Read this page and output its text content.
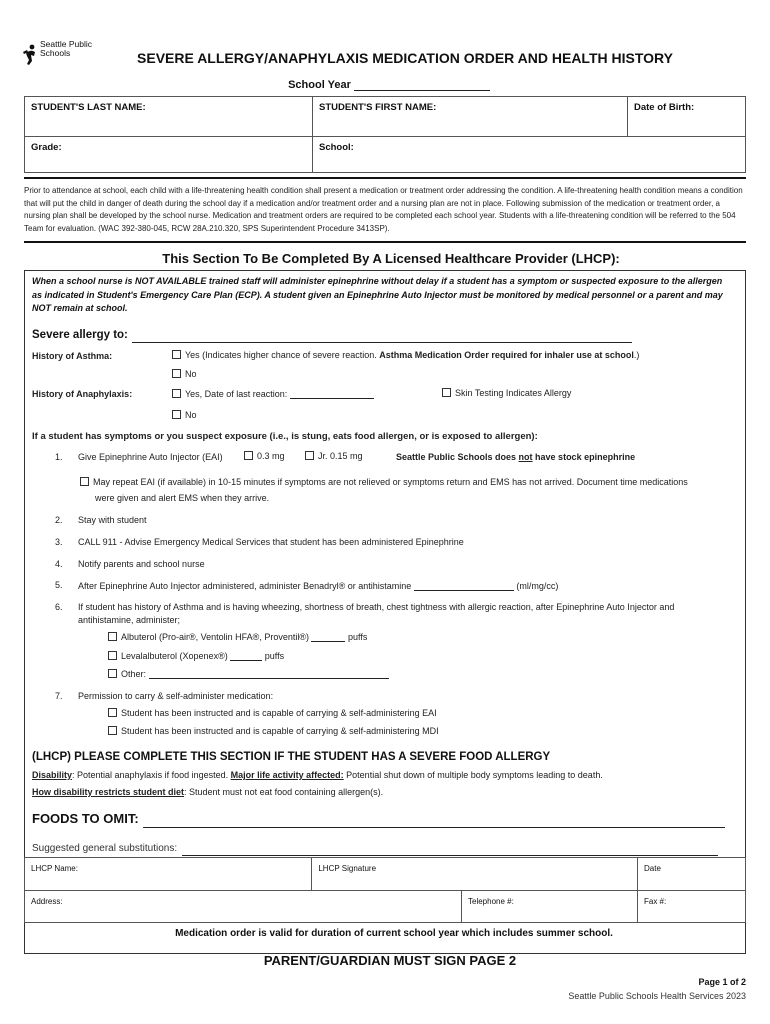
Seattle Public Schools	SEVERE ALLERGY/ANAPHYLAXIS MEDICATION ORDER AND HEALTH HISTORY
School Year
STUDENT'S LAST NAME:	STUDENT'S FIRST NAME:	Date of Birth:
Grade:	School:	
Prior to attendance at school, each child with a life-threatening health condition shall present a medication or treatment order addressing the condition. A life-threatening health condition means a condition that will put the child in danger of death during the school day if a medication and/or treatment order and a nursing plan are not in place. Following submission of the medication or treatment order, a nursing plan shall be developed by the school nurse. Medication and treatment orders are required to be completed each school year. Students with a life-threatening condition will be referred to the 504 Team for evaluation. (WAC 392-380-045, RCW 28A.210.320, SPS Superintendent Procedure 3413SP).
This Section To Be Completed By A Licensed Healthcare Provider (LHCP):
When a school nurse is NOT AVAILABLE trained staff will administer epinephrine without delay if a student has a symptom or suspected exposure to the allergen as indicated in Student's Emergency Care Plan (ECP). A student given an Epinephrine Auto Injector must be monitored by medical personnel or a parent and may NOT remain at school.
Severe allergy to:
History of Asthma:	Yes (Indicates higher chance of severe reaction. Asthma Medication Order required for inhaler use at school.)
No
History of Anaphylaxis:	Yes, Date of last reaction:	Skin Testing Indicates Allergy
No
If a student has symptoms or you suspect exposure (i.e., is stung, eats food allergen, or is exposed to allergen):
1. Give Epinephrine Auto Injector (EAI)	0.3 mg	Jr. 0.15 mg	Seattle Public Schools does not have stock epinephrine
May repeat EAI (if available) in 10-15 minutes if symptoms are not relieved or symptoms return and EMS has not arrived. Document time medications
were given and alert EMS when they arrive.
2. Stay with student
3. CALL 911 - Advise Emergency Medical Services that student has been administered Epinephrine
4. Notify parents and school nurse
5. After Epinephrine Auto Injector administered, administer Benadryl® or antihistamine	(ml/mg/cc)
6. If student has history of Asthma and is having wheezing, shortness of breath, chest tightness with allergic reaction, after Epinephrine Auto Injector and
antihistamine, administer;
Albuterol (Pro-air®, Ventolin HFA®, Proventil®)	puffs
Levalalbuterol (Xopenex®)	puffs
Other:
7. Permission to carry & self-administer medication:
Student has been instructed and is capable of carrying & self-administering EAI
Student has been instructed and is capable of carrying & self-administering MDI
(LHCP) PLEASE COMPLETE THIS SECTION IF THE STUDENT HAS A SEVERE FOOD ALLERGY
Disability: Potential anaphylaxis if food ingested. Major life activity affected: Potential shut down of multiple body symptoms leading to death.
How disability restricts student diet: Student must not eat food containing allergen(s).
FOODS TO OMIT:
Suggested general substitutions:
LHCP Name:	LHCP Signature		Date
Address:		Telephone #:	Fax #:
Medication order is valid for duration of current school year which includes summer school.
PARENT/GUARDIAN MUST SIGN PAGE 2
Page 1 of 2
Seattle Public Schools Health Services 2023
